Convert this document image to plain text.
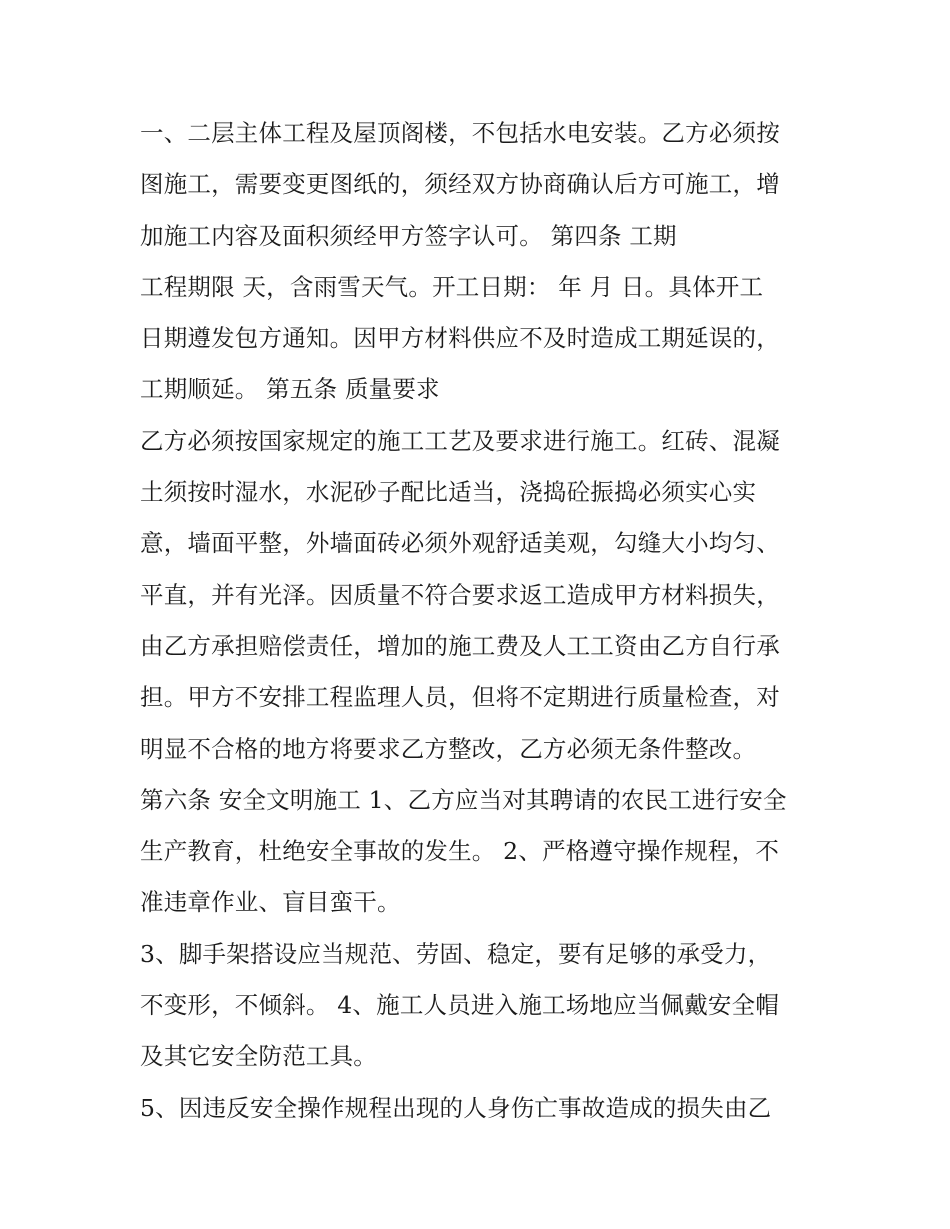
一、二层主体工程及屋顶阁楼，不包括水电安装。乙方必须按
图施工，需要变更图纸的，须经双方协商确认后方可施工，增
加施工内容及面积须经甲方签字认可。 第四条 工期
工程期限 天，含雨雪天气。开工日期： 年 月 日。具体开工
日期遵发包方通知。因甲方材料供应不及时造成工期延误的，
工期顺延。 第五条 质量要求
乙方必须按国家规定的施工工艺及要求进行施工。红砖、混凝
土须按时湿水，水泥砂子配比适当，浇捣砼振捣必须实心实
意，墙面平整，外墙面砖必须外观舒适美观，勾缝大小均匀、
平直，并有光泽。因质量不符合要求返工造成甲方材料损失，
由乙方承担赔偿责任，增加的施工费及人工工资由乙方自行承
担。甲方不安排工程监理人员，但将不定期进行质量检查，对
明显不合格的地方将要求乙方整改，乙方必须无条件整改。
第六条 安全文明施工 1、乙方应当对其聘请的农民工进行安全
生产教育，杜绝安全事故的发生。 2、严格遵守操作规程，不
准违章作业、盲目蛮干。
3、脚手架搭设应当规范、劳固、稳定，要有足够的承受力，
不变形，不倾斜。 4、施工人员进入施工场地应当佩戴安全帽
及其它安全防范工具。
5、因违反安全操作规程出现的人身伤亡事故造成的损失由乙
